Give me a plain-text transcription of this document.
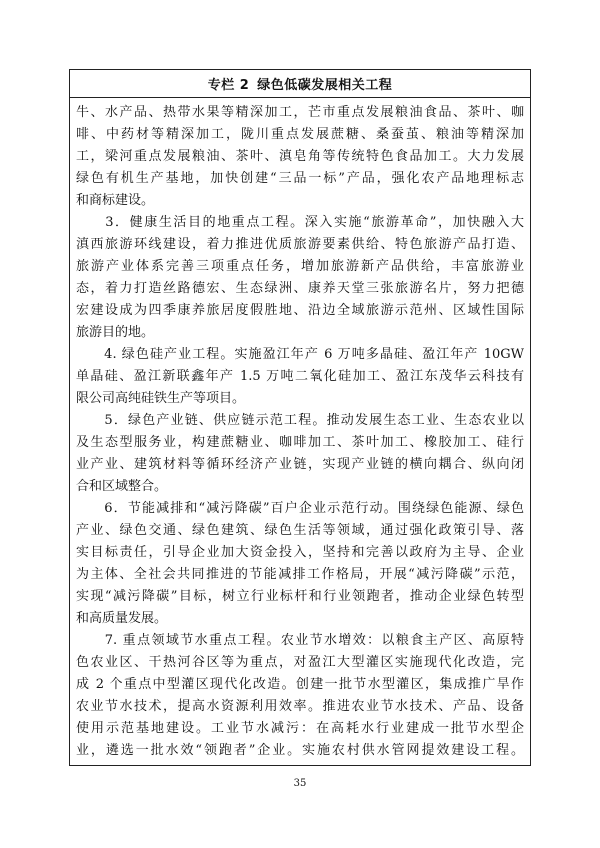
专栏 2 绿色低碳发展相关工程
牛、水产品、热带水果等精深加工，芒市重点发展粮油食品、茶叶、咖
啡、中药材等精深加工，陇川重点发展蔗糖、桑蚕茧、粮油等精深加
工，梁河重点发展粮油、茶叶、滇皂角等传统特色食品加工。大力发展
绿色有机生产基地，加快创建“三品一标”产品，强化农产品地理标志
和商标建设。
　　3．健康生活目的地重点工程。深入实施“旅游革命”，加快融入大
滇西旅游环线建设，着力推进优质旅游要素供给、特色旅游产品打造、
旅游产业体系完善三项重点任务，增加旅游新产品供给，丰富旅游业
态，着力打造丝路德宏、生态绿洲、康养天堂三张旅游名片，努力把德
宏建设成为四季康养旅居度假胜地、沿边全域旅游示范州、区域性国际
旅游目的地。
　　4. 绿色硅产业工程。实施盈江年产 6 万吨多晶硅、盈江年产 10GW
单晶硅、盈江新联鑫年产 1.5 万吨二氧化硅加工、盈江东茂华云科技有
限公司高纯硅铁生产等项目。
　　5．绿色产业链、供应链示范工程。推动发展生态工业、生态农业以
及生态型服务业，构建蔗糖业、咖啡加工、茶叶加工、橡胶加工、硅行
业产业、建筑材料等循环经济产业链，实现产业链的横向耦合、纵向闭
合和区域整合。
　　6．节能减排和“减污降碳”百户企业示范行动。围绕绿色能源、绿色
产业、绿色交通、绿色建筑、绿色生活等领域，通过强化政策引导、落
实目标责任，引导企业加大资金投入，坚持和完善以政府为主导、企业
为主体、全社会共同推进的节能减排工作格局，开展“减污降碳”示范，
实现“减污降碳”目标，树立行业标杆和行业领跑者，推动企业绿色转型
和高质量发展。
　　7. 重点领域节水重点工程。农业节水增效：以粮食主产区、高原特
色农业区、干热河谷区等为重点，对盈江大型灌区实施现代化改造，完
成 2 个重点中型灌区现代化改造。创建一批节水型灌区，集成推广旱作
农业节水技术，提高水资源利用效率。推进农业节水技术、产品、设备
使用示范基地建设。工业节水减污：在高耗水行业建成一批节水型企
业，遴选一批水效“领跑者”企业。实施农村供水管网提效建设工程。
35
